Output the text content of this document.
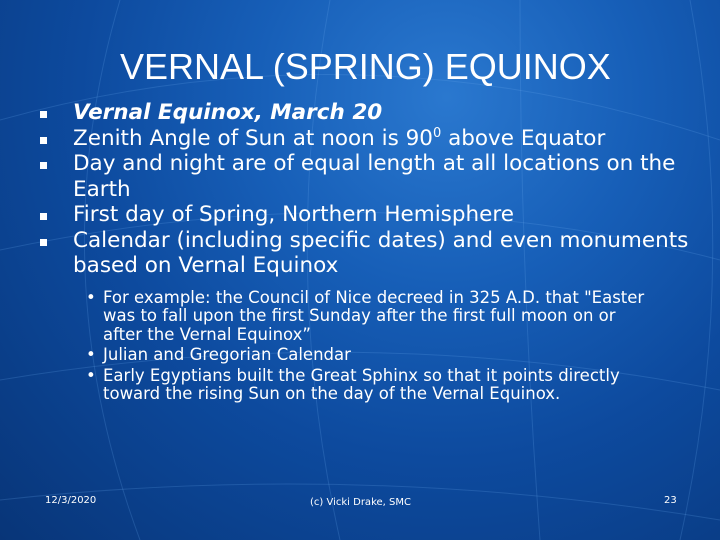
VERNAL (SPRING) EQUINOX
Vernal Equinox, March 20
Zenith Angle of Sun at noon is $90^0$ above Equator
Day and night are of equal length at all locations on the Earth
First day of Spring, Northern Hemisphere
Calendar (including specific dates) and even monuments based on Vernal Equinox
• For example: the Council of Nice decreed in 325 A.D. that "Easter was to fall upon the first Sunday after the first full moon on or after the Vernal Equinox”
• Julian and Gregorian Calendar
• Early Egyptians built the Great Sphinx so that it points directly toward the rising Sun on the day of the Vernal Equinox.
12/3/2020	(c) Vicki Drake, SMC	23
